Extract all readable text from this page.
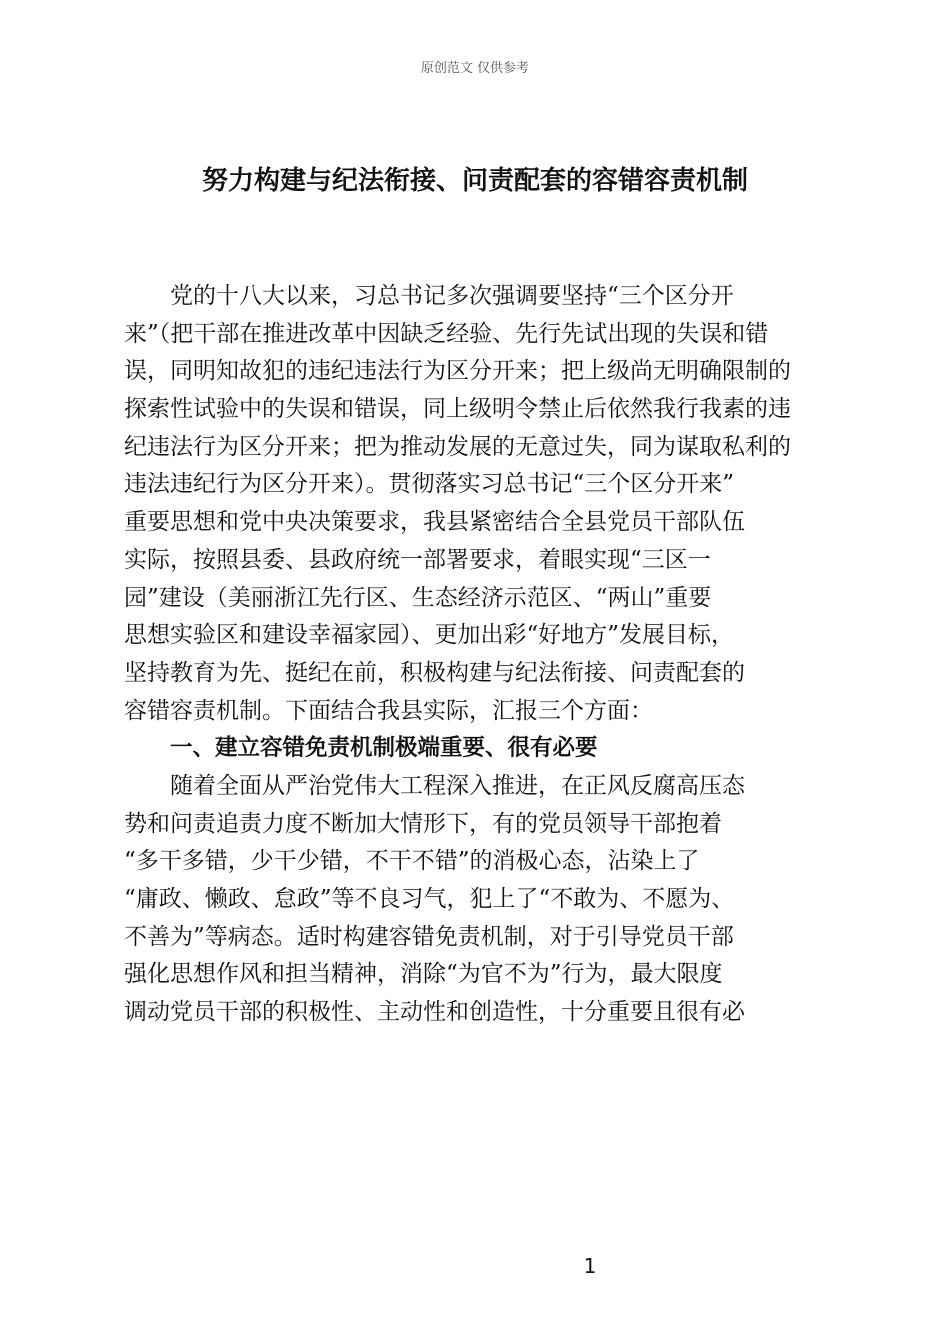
原创范文 仅供参考
努力构建与纪法衔接、问责配套的容错容责机制
党的十八大以来，习总书记多次强调要坚持“三个区分开
来”（把干部在推进改革中因缺乏经验、先行先试出现的失误和错
误，同明知故犯的违纪违法行为区分开来；把上级尚无明确限制的
探索性试验中的失误和错误，同上级明令禁止后依然我行我素的违
纪违法行为区分开来；把为推动发展的无意过失，同为谋取私利的
违法违纪行为区分开来）。贯彻落实习总书记“三个区分开来”
重要思想和党中央决策要求，我县紧密结合全县党员干部队伍
实际，按照县委、县政府统一部署要求，着眼实现“三区一
园”建设（美丽浙江先行区、生态经济示范区、“两山”重要
思想实验区和建设幸福家园）、更加出彩“好地方”发展目标，
坚持教育为先、挺纪在前，积极构建与纪法衔接、问责配套的
容错容责机制。下面结合我县实际，汇报三个方面：
一、建立容错免责机制极端重要、很有必要
随着全面从严治党伟大工程深入推进，在正风反腐高压态
势和问责追责力度不断加大情形下，有的党员领导干部抱着
“多干多错，少干少错，不干不错”的消极心态，沾染上了
“庸政、懒政、怠政”等不良习气，犯上了“不敢为、不愿为、
不善为”等病态。适时构建容错免责机制，对于引导党员干部
强化思想作风和担当精神，消除“为官不为”行为，最大限度
调动党员干部的积极性、主动性和创造性，十分重要且很有必
1
